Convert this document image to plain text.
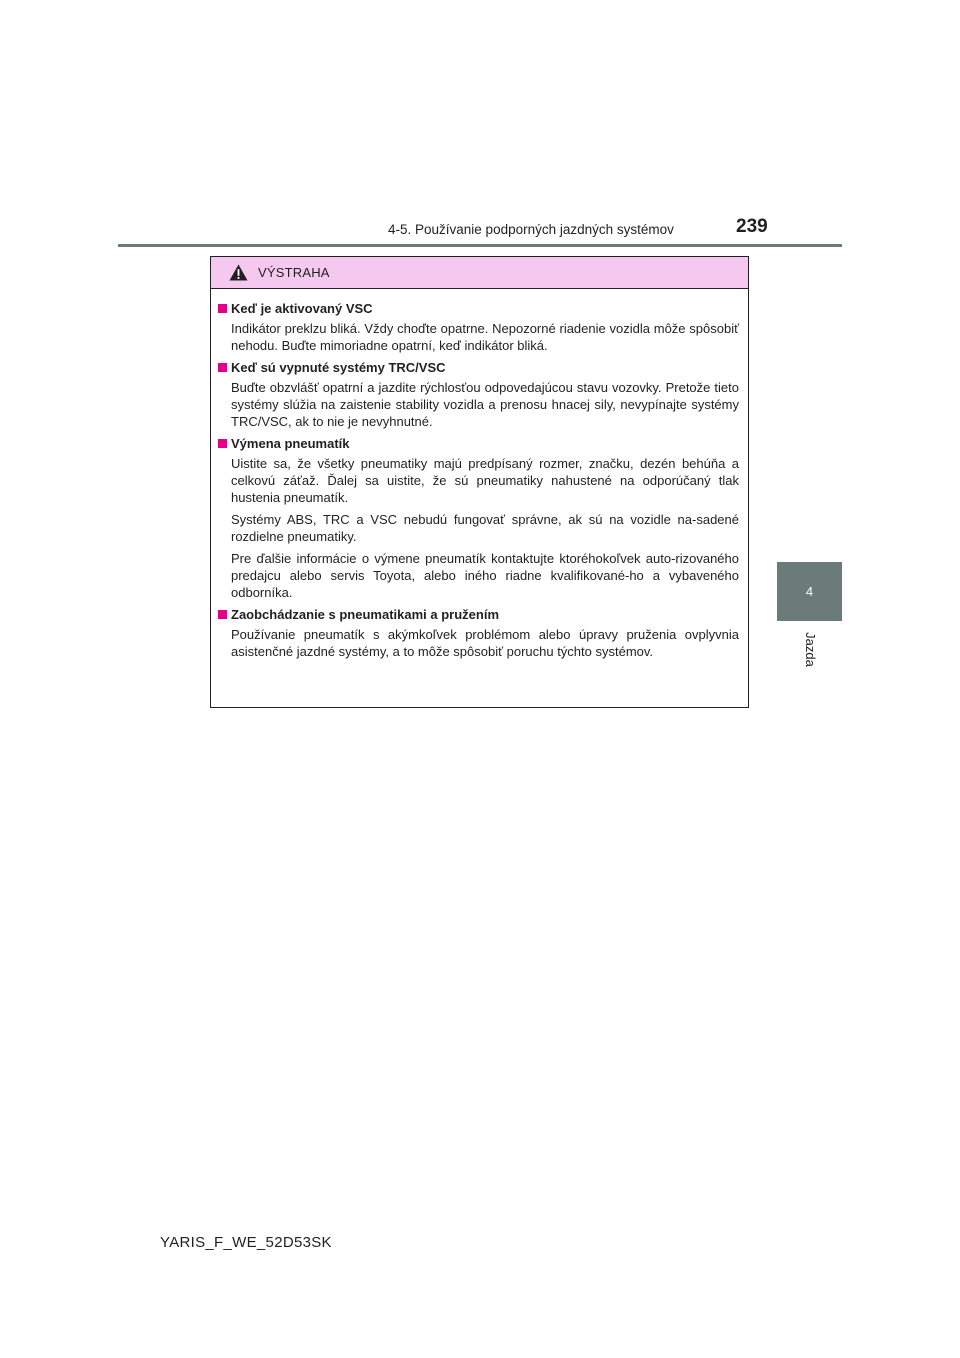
4-5. Používanie podporných jazdných systémov	239
4
Jazda
VÝSTRAHA
Keď je aktivovaný VSC

Indikátor preklzu bliká. Vždy choďte opatrne. Nepozorné riadenie vozidla môže spôsobiť nehodu. Buďte mimoriadne opatrní, keď indikátor bliká.

Keď sú vypnuté systémy TRC/VSC

Buďte obzvlášť opatrní a jazdite rýchlosťou odpovedajúcou stavu vozovky. Pretože tieto systémy slúžia na zaistenie stability vozidla a prenosu hnacej sily, nevypínajte systémy TRC/VSC, ak to nie je nevyhnutné.

Výmena pneumatík

Uistite sa, že všetky pneumatiky majú predpísaný rozmer, značku, dezén behúňa a celkovú záťaž. Ďalej sa uistite, že sú pneumatiky nahustené na odporúčaný tlak hustenia pneumatík.

Systémy ABS, TRC a VSC nebudú fungovať správne, ak sú na vozidle na-sadené rozdielne pneumatiky.

Pre ďalšie informácie o výmene pneumatík kontaktujte ktoréhokoľvek auto-rizovaného predajcu alebo servis Toyota, alebo iného riadne kvalifikované-ho a vybaveného odborníka.

Zaobchádzanie s pneumatikami a pružením

Používanie pneumatík s akýmkoľvek problémom alebo úpravy pruženia ovplyvnia asistenčné jazdné systémy, a to môže spôsobiť poruchu týchto systémov.

YARIS_F_WE_52D53SK
